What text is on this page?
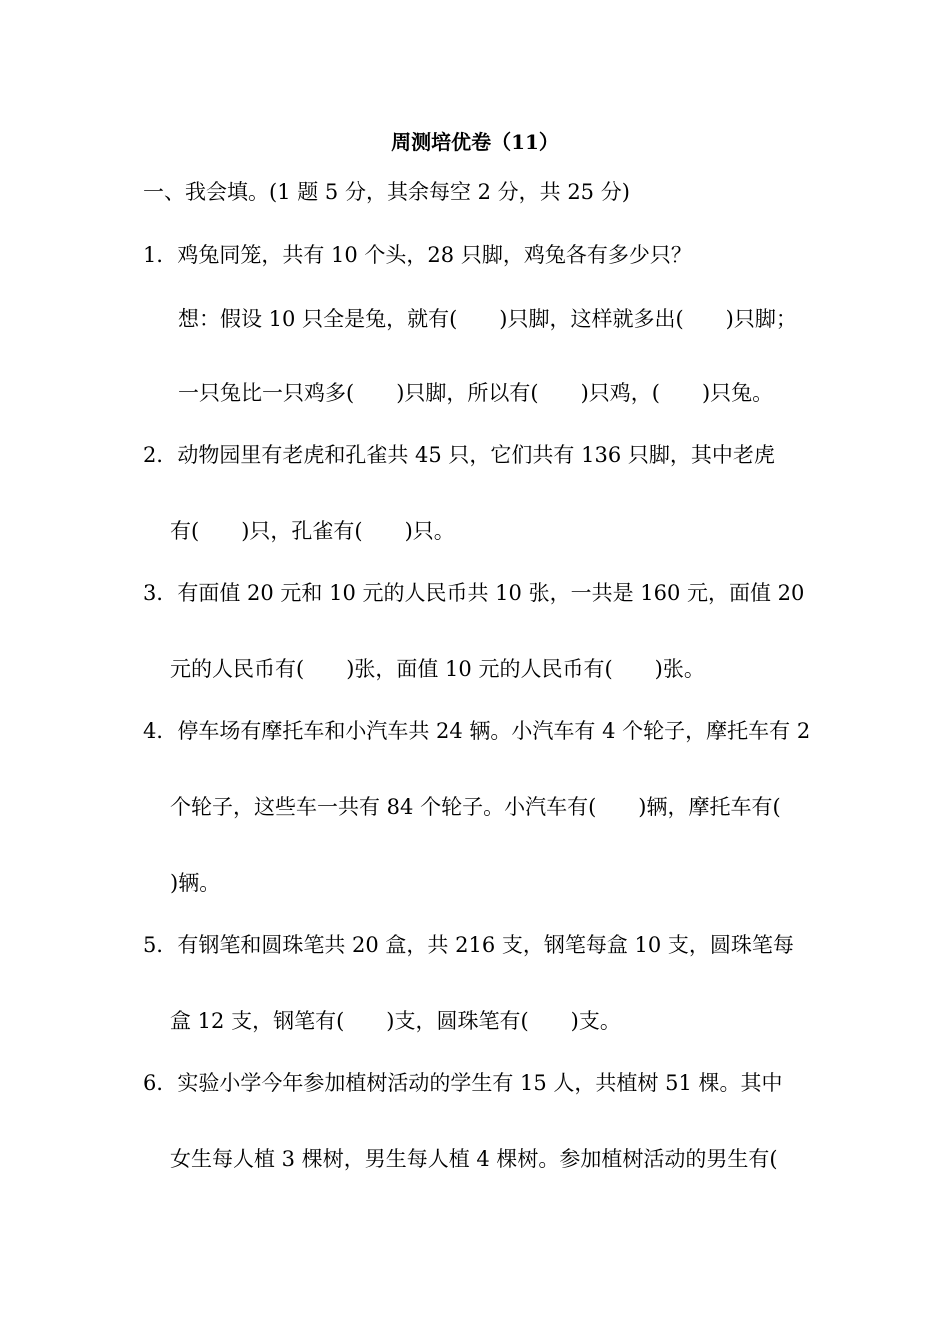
周测培优卷（11）
一、我会填。(1 题 5 分，其余每空 2 分，共 25 分)
1．鸡兔同笼，共有 10 个头，28 只脚，鸡兔各有多少只？
想：假设 10 只全是兔，就有(　　)只脚，这样就多出(　　)只脚；
一只兔比一只鸡多(　　)只脚，所以有(　　)只鸡，(　　)只兔。
2．动物园里有老虎和孔雀共 45 只，它们共有 136 只脚，其中老虎
有(　　)只，孔雀有(　　)只。
3．有面值 20 元和 10 元的人民币共 10 张，一共是 160 元，面值 20
元的人民币有(　　)张，面值 10 元的人民币有(　　)张。
4．停车场有摩托车和小汽车共 24 辆。小汽车有 4 个轮子，摩托车有 2
个轮子，这些车一共有 84 个轮子。小汽车有(　　)辆，摩托车有(
)辆。
5．有钢笔和圆珠笔共 20 盒，共 216 支，钢笔每盒 10 支，圆珠笔每
盒 12 支，钢笔有(　　)支，圆珠笔有(　　)支。
6．实验小学今年参加植树活动的学生有 15 人，共植树 51 棵。其中
女生每人植 3 棵树，男生每人植 4 棵树。参加植树活动的男生有(
